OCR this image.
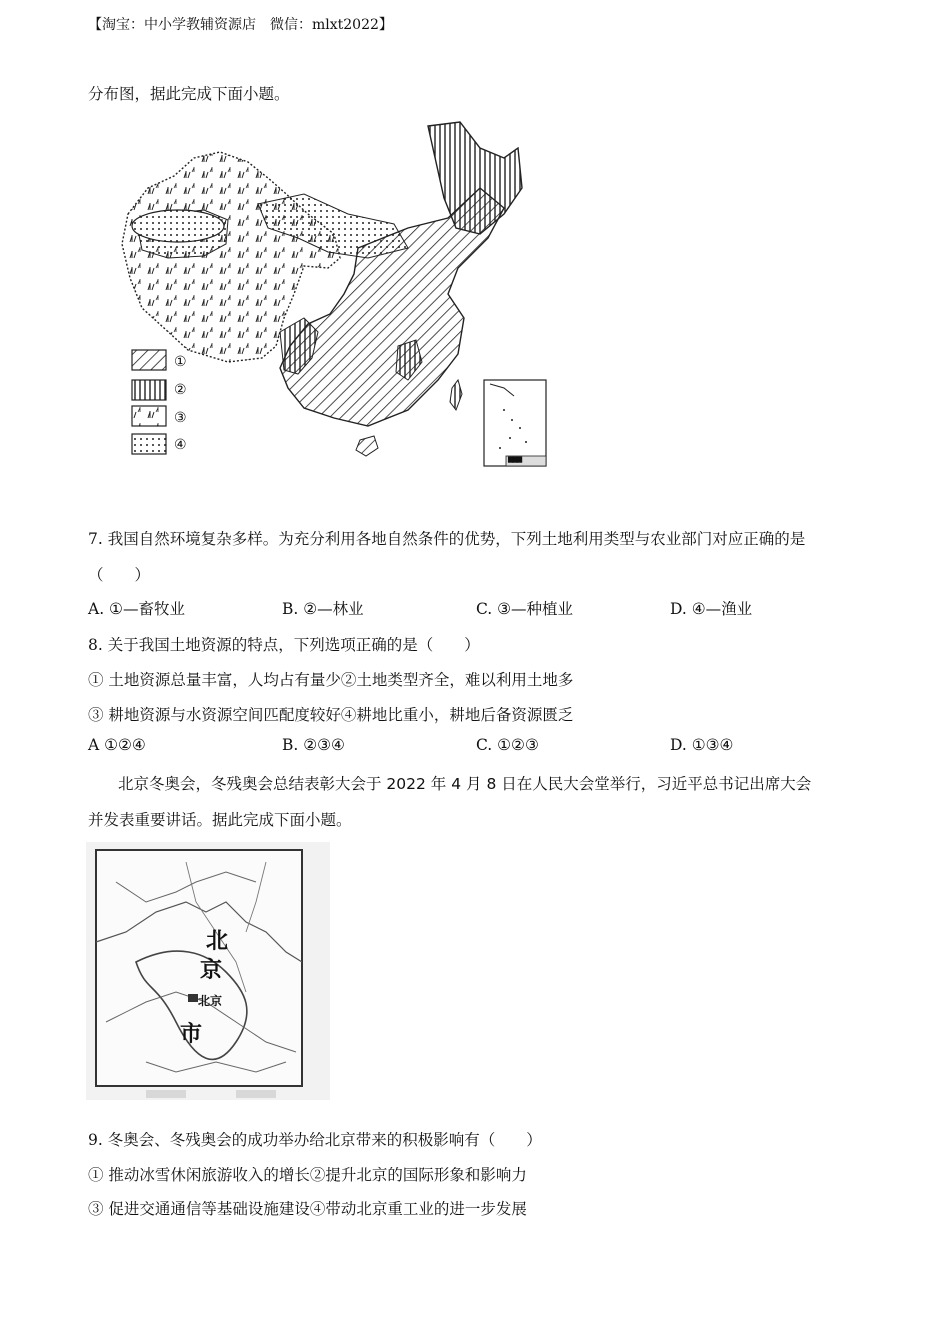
【淘宝：中小学教辅资源店　微信：mlxt2022】
分布图，据此完成下面小题。
①
②
③
④
▆▆▆
7. 我国自然环境复杂多样。为充分利用各地自然条件的优势，下列土地利用类型与农业部门对应正确的是
（　　）
A. ①—畜牧业	B. ②—林业	C. ③—种植业	D. ④—渔业
8. 关于我国土地资源的特点，下列选项正确的是（　　）
① 土地资源总量丰富，人均占有量少②土地类型齐全，难以利用土地多
③ 耕地资源与水资源空间匹配度较好④耕地比重小，耕地后备资源匮乏
A ①②④	B. ②③④	C. ①②③	D. ①③④
北京冬奥会，冬残奥会总结表彰大会于 2022 年 4 月 8 日在人民大会堂举行，习近平总书记出席大会
并发表重要讲话。据此完成下面小题。
北
京
市
北京
9. 冬奥会、冬残奥会的成功举办给北京带来的积极影响有（　　）
① 推动冰雪休闲旅游收入的增长②提升北京的国际形象和影响力
③ 促进交通通信等基础设施建设④带动北京重工业的进一步发展
